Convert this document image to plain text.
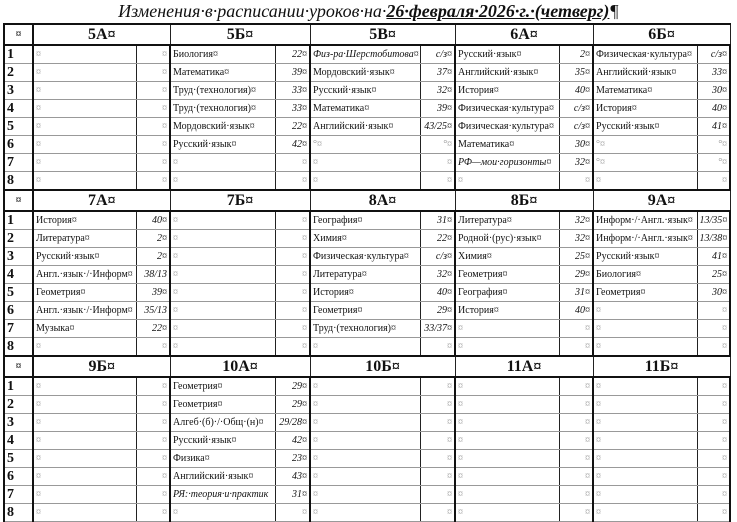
Изменения·в·расписании·уроков·на·26·февраля·2026·г.·(четверг)¶
¤	5А¤		5Б¤		5В¤		6А¤		6Б¤	
1	¤	¤	Биология¤	22¤	Физ-ра·Шерстобитова¤	с/з¤	Русский·язык¤	2¤	Физическая·культура¤	с/з¤
2	¤	¤	Математика¤	39¤	Мордовский·язык¤	37¤	Английский·язык¤	35¤	Английский·язык¤	33¤
3	¤	¤	Труд·(технология)¤	33¤	Русский·язык¤	32¤	История¤	40¤	Математика¤	30¤
4	¤	¤	Труд·(технология)¤	33¤	Математика¤	39¤	Физическая·культура¤	с/з¤	История¤	40¤
5	¤	¤	Мордовский·язык¤	22¤	Английский·язык¤	43/25¤	Физическая·культура¤	с/з¤	Русский·язык¤	41¤
6	¤	¤	Русский·язык¤	42¤	°¤	°¤	Математика¤	30¤	°¤	°¤
7	¤	¤	¤	¤	¤	¤	РФ—мои·горизонты¤	32¤	°¤	°¤
8	¤	¤	¤	¤	¤	¤	¤	¤	¤	¤
¤	7А¤		7Б¤		8А¤		8Б¤		9А¤	
1	История¤	40¤	¤	¤	География¤	31¤	Литература¤	32¤	Информ·/·Англ.·язык¤	13/35¤
2	Литература¤	2¤	¤	¤	Химия¤	22¤	Родной·(рус)·язык¤	32¤	Информ·/·Англ.·язык¤	13/38¤
3	Русский·язык¤	2¤	¤	¤	Физическая·культура¤	с/з¤	Химия¤	25¤	Русский·язык¤	41¤
4	Англ.·язык·/·Информ¤	38/13	¤	¤	Литература¤	32¤	Геометрия¤	29¤	Биология¤	25¤
5	Геометрия¤	39¤	¤	¤	История¤	40¤	География¤	31¤	Геометрия¤	30¤
6	Англ.·язык·/·Информ¤	35/13	¤	¤	Геометрия¤	29¤	История¤	40¤	¤	¤
7	Музыка¤	22¤	¤	¤	Труд·(технология)¤	33/37¤	¤	¤	¤	¤
8	¤	¤	¤	¤	¤	¤	¤	¤	¤	¤
¤	9Б¤		10А¤		10Б¤		11А¤		11Б¤	
1	¤	¤	Геометрия¤	29¤	¤	¤	¤	¤	¤	¤
2	¤	¤	Геометрия¤	29¤	¤	¤	¤	¤	¤	¤
3	¤	¤	Алгеб·(б)·/·Общ·(н)¤	29/28¤	¤	¤	¤	¤	¤	¤
4	¤	¤	Русский·язык¤	42¤	¤	¤	¤	¤	¤	¤
5	¤	¤	Физика¤	23¤	¤	¤	¤	¤	¤	¤
6	¤	¤	Английский·язык¤	43¤	¤	¤	¤	¤	¤	¤
7	¤	¤	РЯ:·теория·и·практик	31¤	¤	¤	¤	¤	¤	¤
8	¤	¤	¤	¤	¤	¤	¤	¤	¤	¤
